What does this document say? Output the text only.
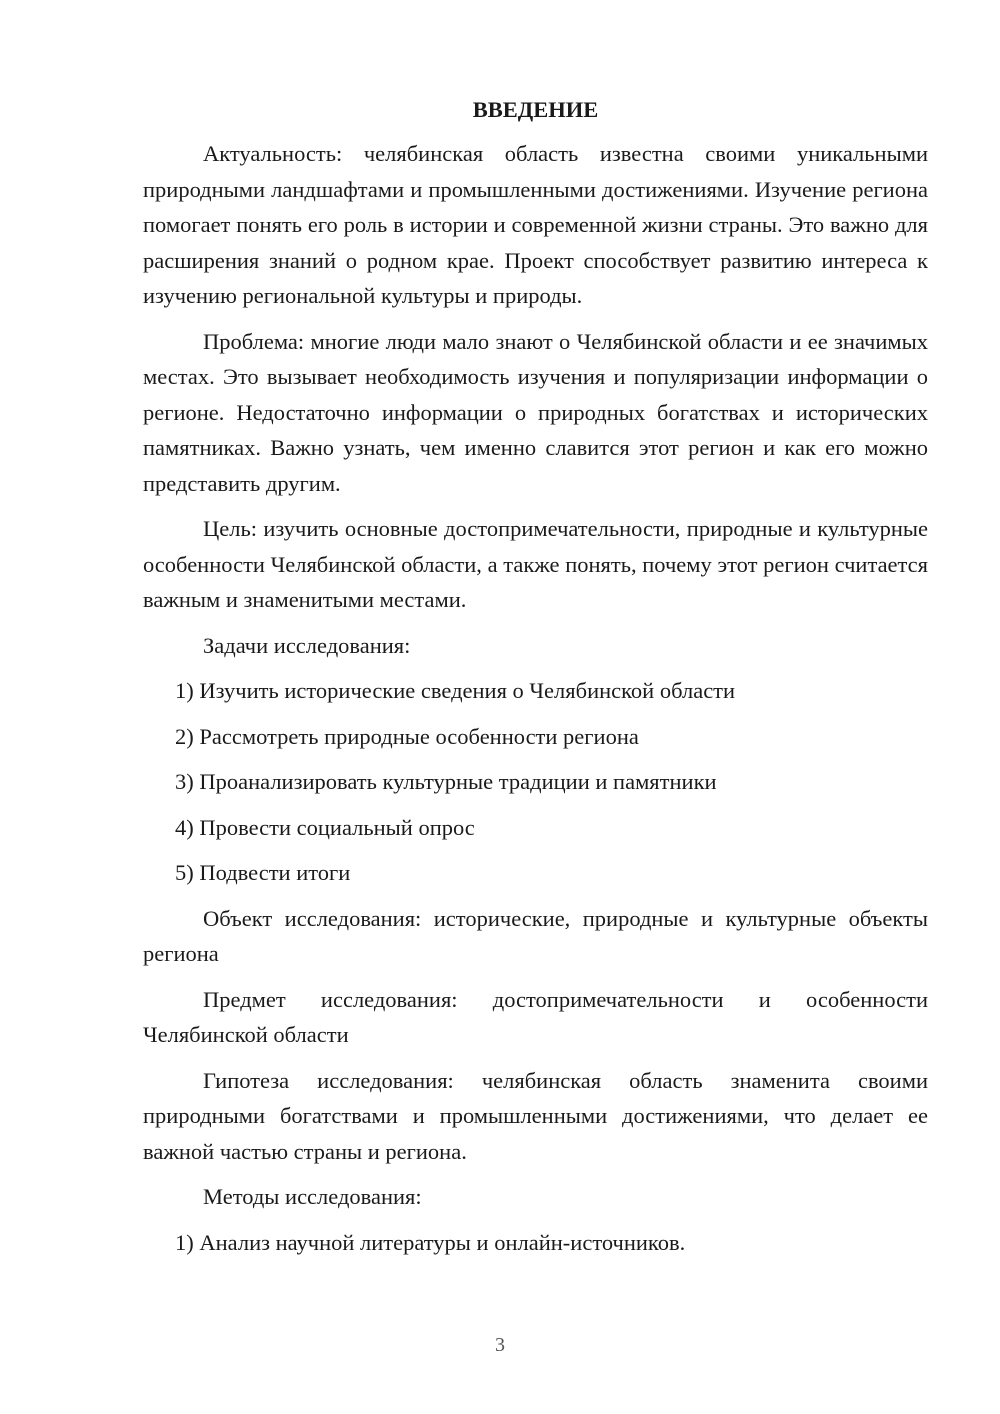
ВВЕДЕНИЕ

Актуальность: челябинская область известна своими уникальными природными ландшафтами и промышленными достижениями. Изучение региона помогает понять его роль в истории и современной жизни страны. Это важно для расширения знаний о родном крае. Проект способствует развитию интереса к изучению региональной культуры и природы.

Проблема: многие люди мало знают о Челябинской области и ее значимых местах. Это вызывает необходимость изучения и популяризации информации о регионе. Недостаточно информации о природных богатствах и исторических памятниках. Важно узнать, чем именно славится этот регион и как его можно представить другим.

Цель: изучить основные достопримечательности, природные и культурные особенности Челябинской области, а также понять, почему этот регион считается важным и знаменитыми местами.

Задачи исследования:

1) Изучить исторические сведения о Челябинской области
2) Рассмотреть природные особенности региона
3) Проанализировать культурные традиции и памятники
4) Провести социальный опрос
5) Подвести итоги

Объект исследования: исторические, природные и культурные объекты региона

Предмет исследования: достопримечательности и особенности Челябинской области

Гипотеза исследования: челябинская область знаменита своими природными богатствами и промышленными достижениями, что делает ее важной частью страны и региона.

Методы исследования:

1) Анализ научной литературы и онлайн-источников.
3
